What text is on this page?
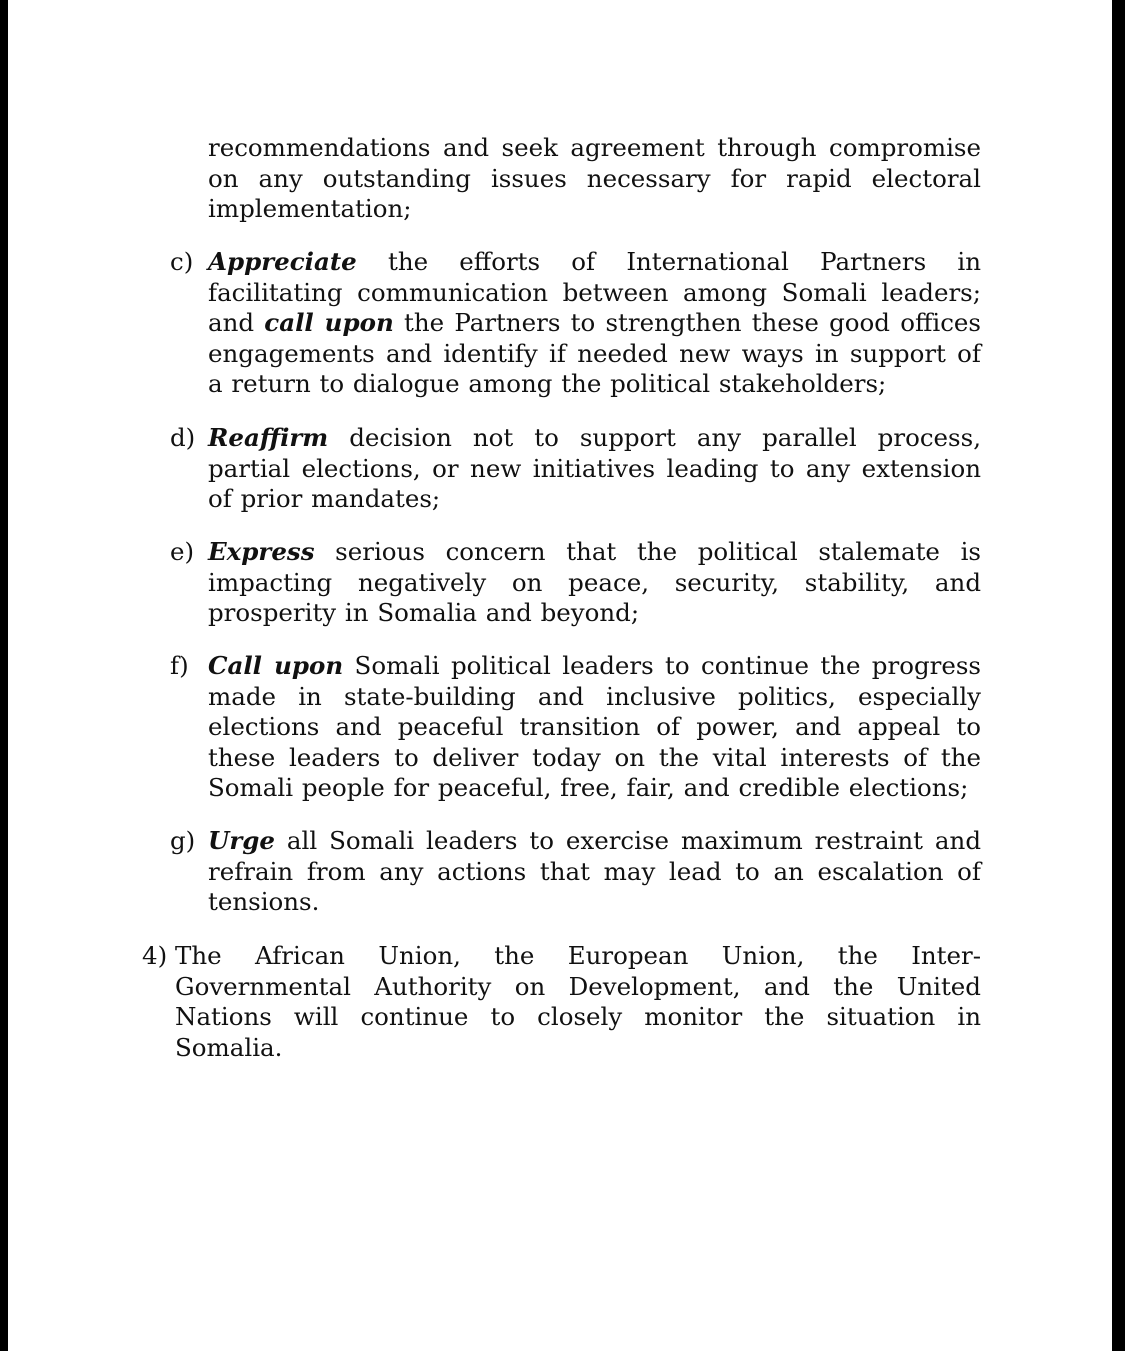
recommendations and seek agreement through compromise on any outstanding issues necessary for rapid electoral implementation;
c) Appreciate the efforts of International Partners in facilitating communication between among Somali leaders; and call upon the Partners to strengthen these good offices engagements and identify if needed new ways in support of a return to dialogue among the political stakeholders;
d) Reaffirm decision not to support any parallel process, partial elections, or new initiatives leading to any extension of prior mandates;
e) Express serious concern that the political stalemate is impacting negatively on peace, security, stability, and prosperity in Somalia and beyond;
f) Call upon Somali political leaders to continue the progress made in state-building and inclusive politics, especially elections and peaceful transition of power, and appeal to these leaders to deliver today on the vital interests of the Somali people for peaceful, free, fair, and credible elections;
g) Urge all Somali leaders to exercise maximum restraint and refrain from any actions that may lead to an escalation of tensions.
4) The African Union, the European Union, the Inter-Governmental Authority on Development, and the United Nations will continue to closely monitor the situation in Somalia.
